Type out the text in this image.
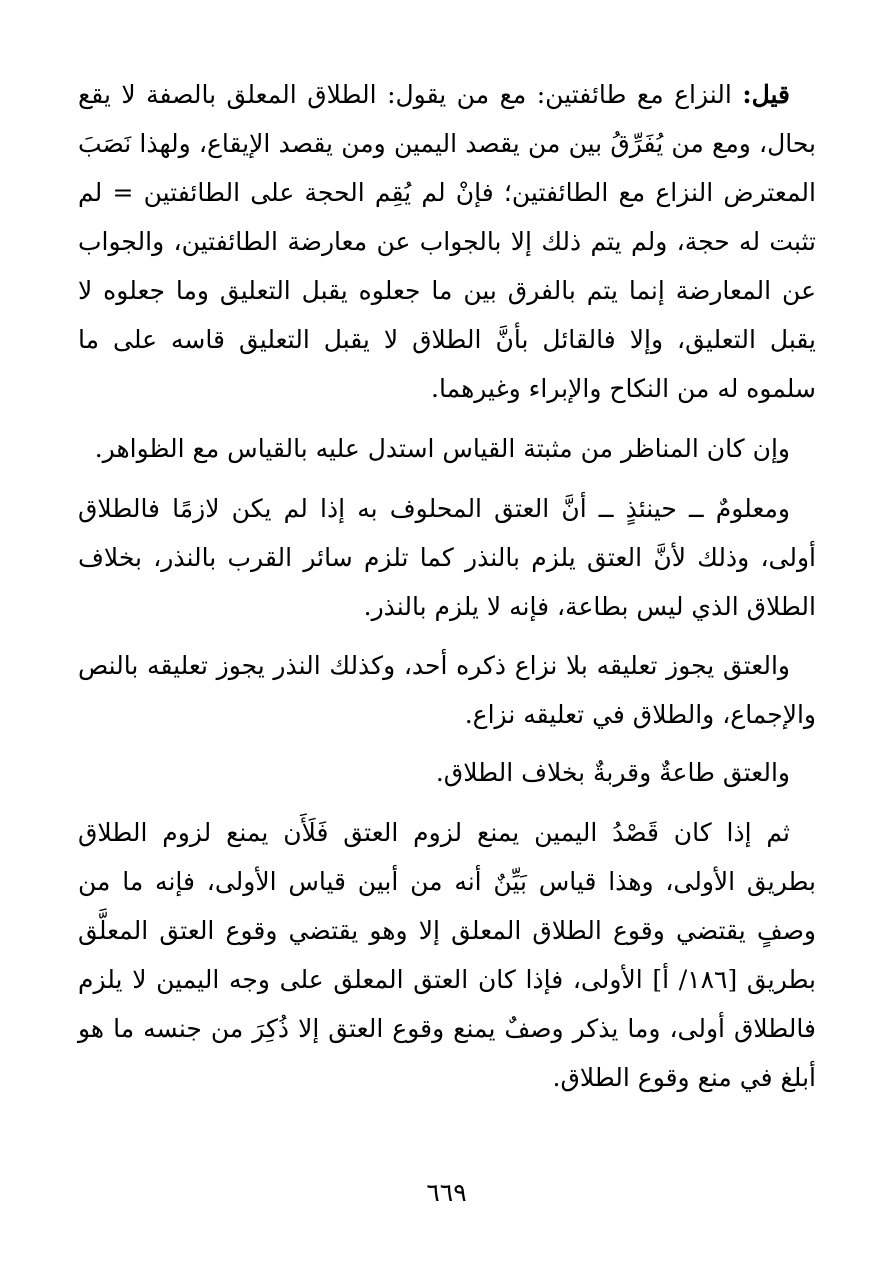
قيل: النزاع مع طائفتين: مع من يقول: الطلاق المعلق بالصفة لا يقع بحال، ومع من يُفَرِّقُ بين من يقصد اليمين ومن يقصد الإيقاع، ولهذا نَصَبَ المعترض النزاع مع الطائفتين؛ فإنْ لم يُقِم الحجة على الطائفتين = لم تثبت له حجة، ولم يتم ذلك إلا بالجواب عن معارضة الطائفتين، والجواب عن المعارضة إنما يتم بالفرق بين ما جعلوه يقبل التعليق وما جعلوه لا يقبل التعليق، وإلا فالقائل بأنَّ الطلاق لا يقبل التعليق قاسه على ما سلموه له من النكاح والإبراء وغيرهما.

وإن كان المناظر من مثبتة القياس استدل عليه بالقياس مع الظواهر.

ومعلومٌ ــ حينئذٍ ــ أنَّ العتق المحلوف به إذا لم يكن لازمًا فالطلاق أولى، وذلك لأنَّ العتق يلزم بالنذر كما تلزم سائر القرب بالنذر، بخلاف الطلاق الذي ليس بطاعة، فإنه لا يلزم بالنذر.

والعتق يجوز تعليقه بلا نزاع ذكره أحد، وكذلك النذر يجوز تعليقه بالنص والإجماع، والطلاق في تعليقه نزاع.

والعتق طاعةٌ وقربةٌ بخلاف الطلاق.

ثم إذا كان قَصْدُ اليمين يمنع لزوم العتق فَلَأَن يمنع لزوم الطلاق بطريق الأولى، وهذا قياس بَيِّنٌ أنه من أبين قياس الأولى، فإنه ما من وصفٍ يقتضي وقوع الطلاق المعلق إلا وهو يقتضي وقوع العتق المعلَّق بطريق [١٨٦/ أ] الأولى، فإذا كان العتق المعلق على وجه اليمين لا يلزم فالطلاق أولى، وما يذكر وصفٌ يمنع وقوع العتق إلا ذُكِرَ من جنسه ما هو أبلغ في منع وقوع الطلاق.

٦٦٩
